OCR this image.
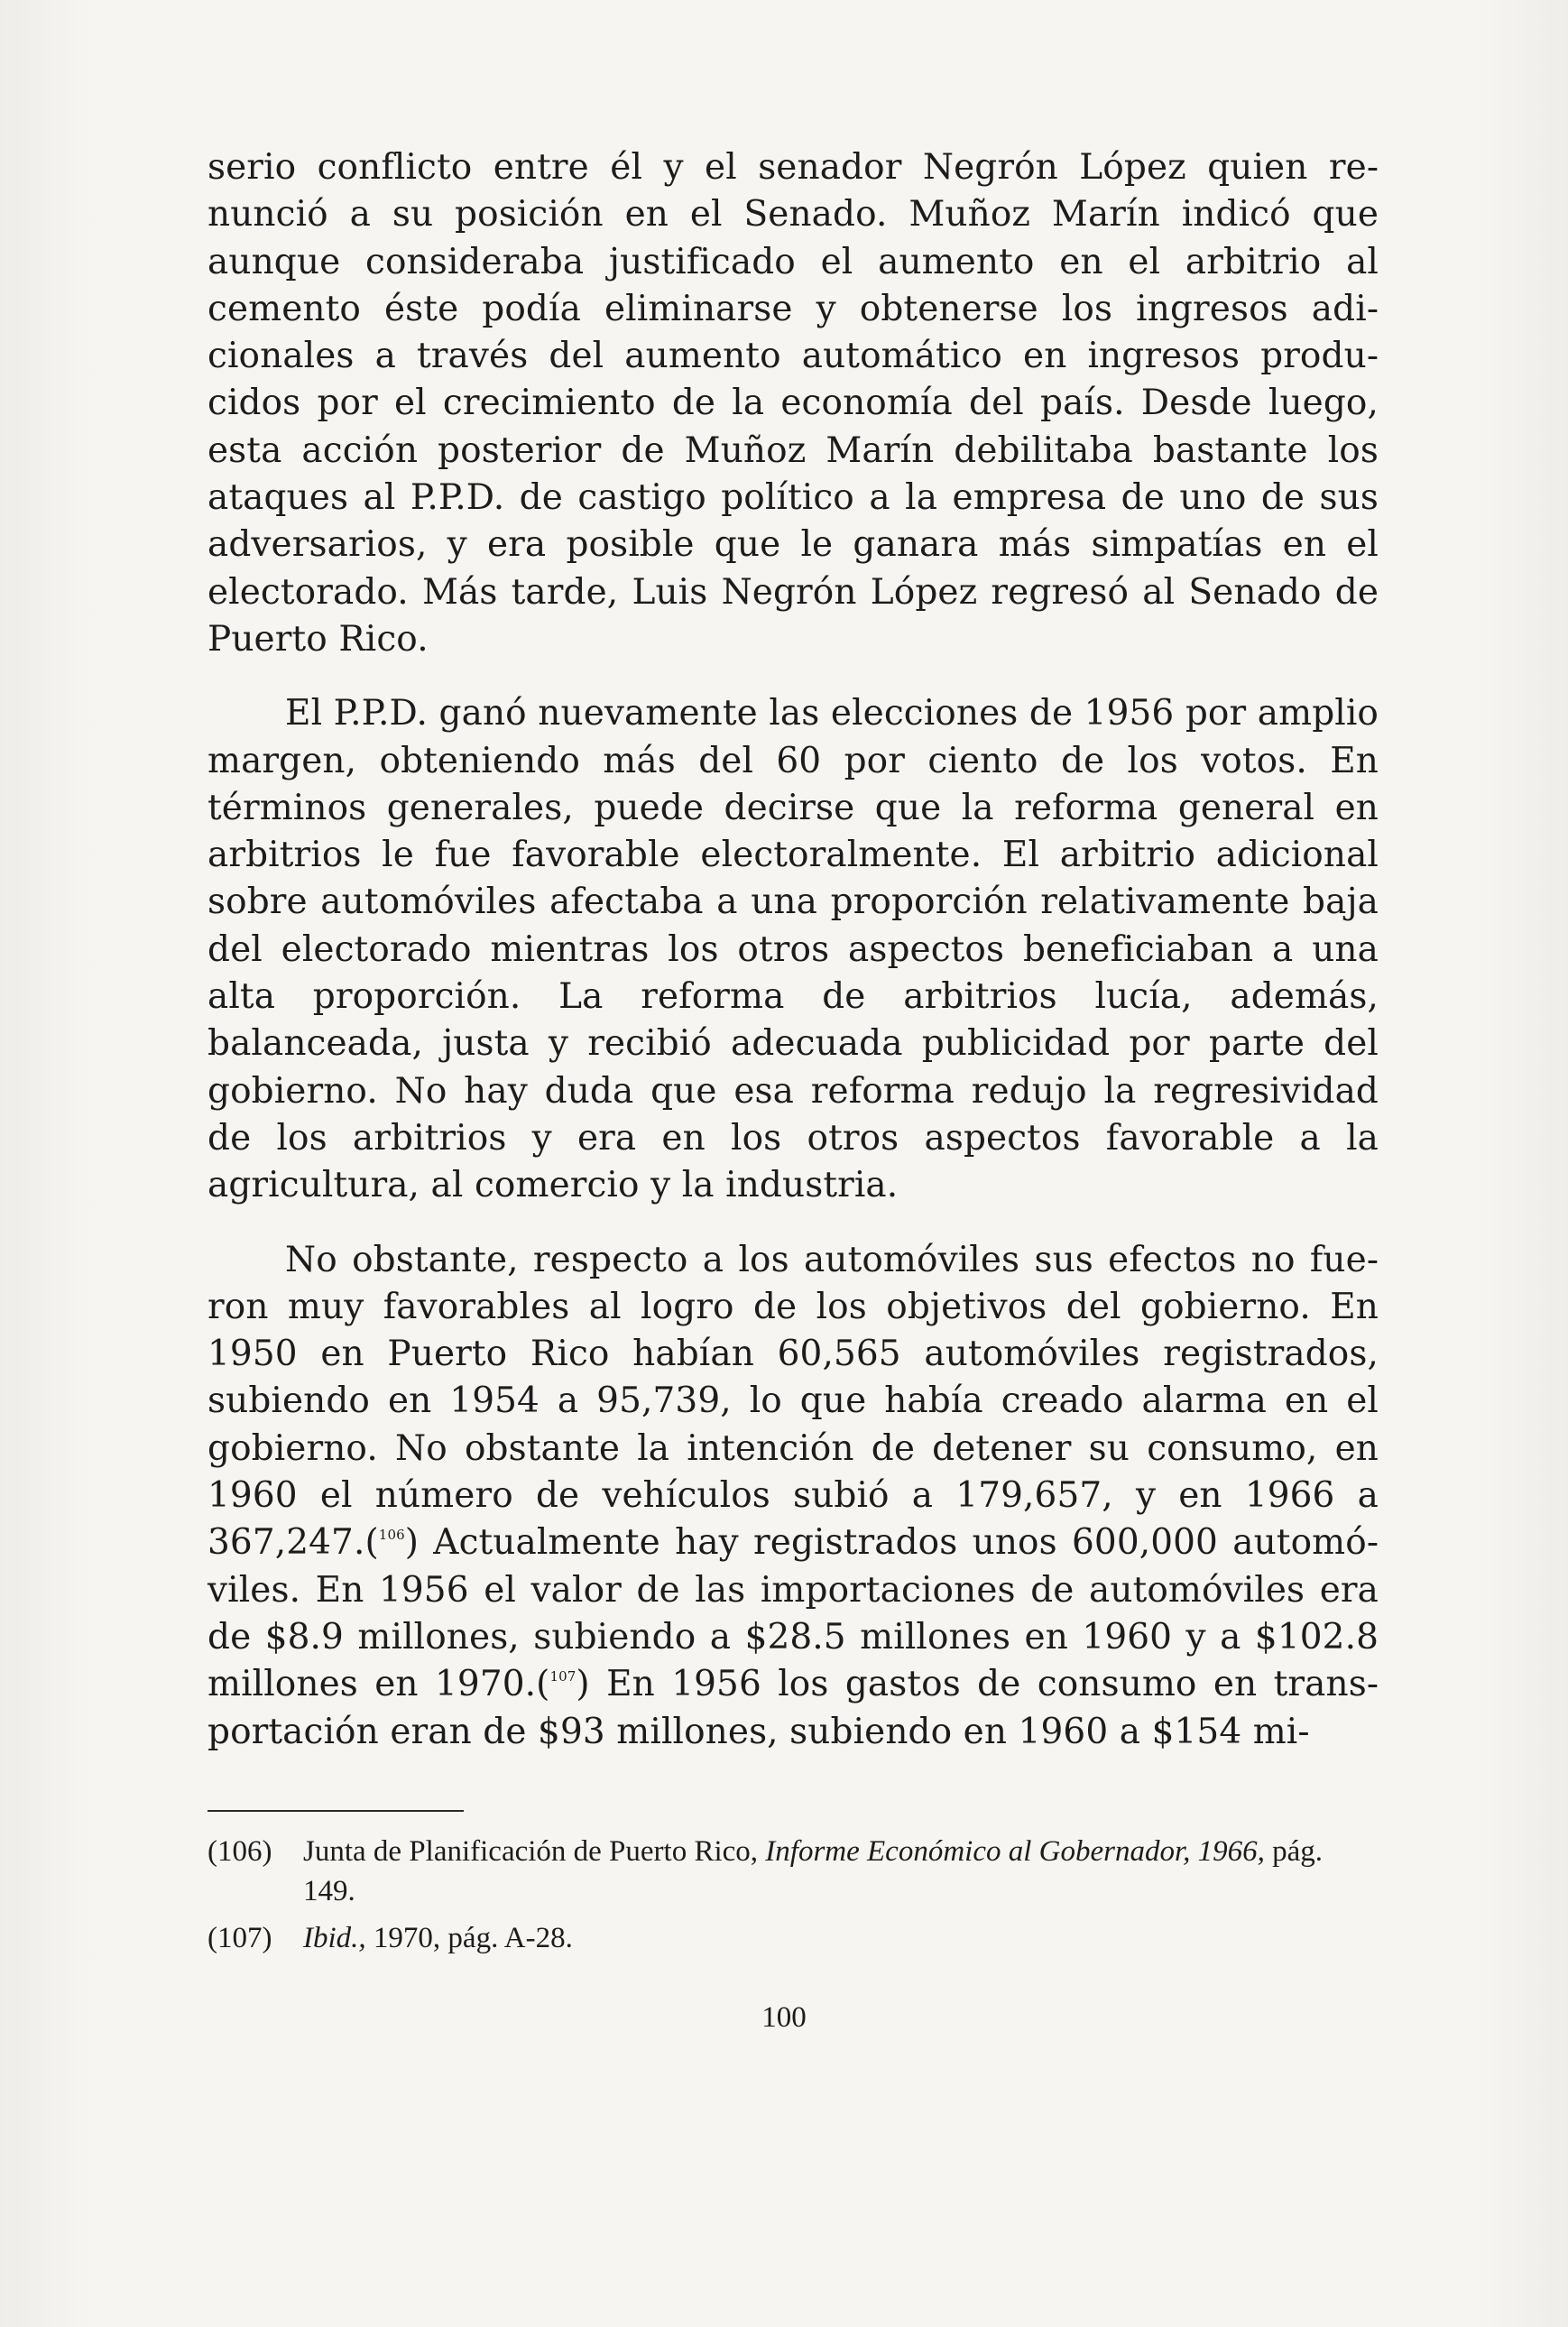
serio conflicto entre él y el senador Negrón López quien renunció a su posición en el Senado. Muñoz Marín indicó que aunque consideraba justificado el aumento en el arbitrio al cemento éste podía eliminarse y obtenerse los ingresos adicionales a través del aumento automático en ingresos producidos por el crecimiento de la economía del país. Desde luego, esta acción posterior de Muñoz Marín debilitaba bastante los ataques al P.P.D. de castigo político a la empresa de uno de sus adversarios, y era posible que le ganara más simpatías en el electorado. Más tarde, Luis Negrón López regresó al Senado de Puerto Rico.

El P.P.D. ganó nuevamente las elecciones de 1956 por amplio margen, obteniendo más del 60 por ciento de los votos. En términos generales, puede decirse que la reforma general en arbitrios le fue favorable electoralmente. El arbitrio adicional sobre automóviles afectaba a una proporción relativamente baja del electorado mientras los otros aspectos beneficiaban a una alta proporción. La reforma de arbitrios lucía, además, balanceada, justa y recibió adecuada publicidad por parte del gobierno. No hay duda que esa reforma redujo la regresividad de los arbitrios y era en los otros aspectos favorable a la agricultura, al comercio y la industria.

No obstante, respecto a los automóviles sus efectos no fueron muy favorables al logro de los objetivos del gobierno. En 1950 en Puerto Rico habían 60,565 automóviles registrados, subiendo en 1954 a 95,739, lo que había creado alarma en el gobierno. No obstante la intención de detener su consumo, en 1960 el número de vehículos subió a 179,657, y en 1966 a 367,247.($^{106}$) Actualmente hay registrados unos 600,000 automóviles. En 1956 el valor de las importaciones de automóviles era de $8.9 millones, subiendo a $28.5 millones en 1960 y a $102.8 millones en 1970.($^{107}$) En 1956 los gastos de consumo en transportación eran de $93 millones, subiendo en 1960 a $154 mi-

(106)	Junta de Planificación de Puerto Rico, Informe Económico al Gobernador, 1966, pág. 149.
(107)	Ibid., 1970, pág. A-28.
100
